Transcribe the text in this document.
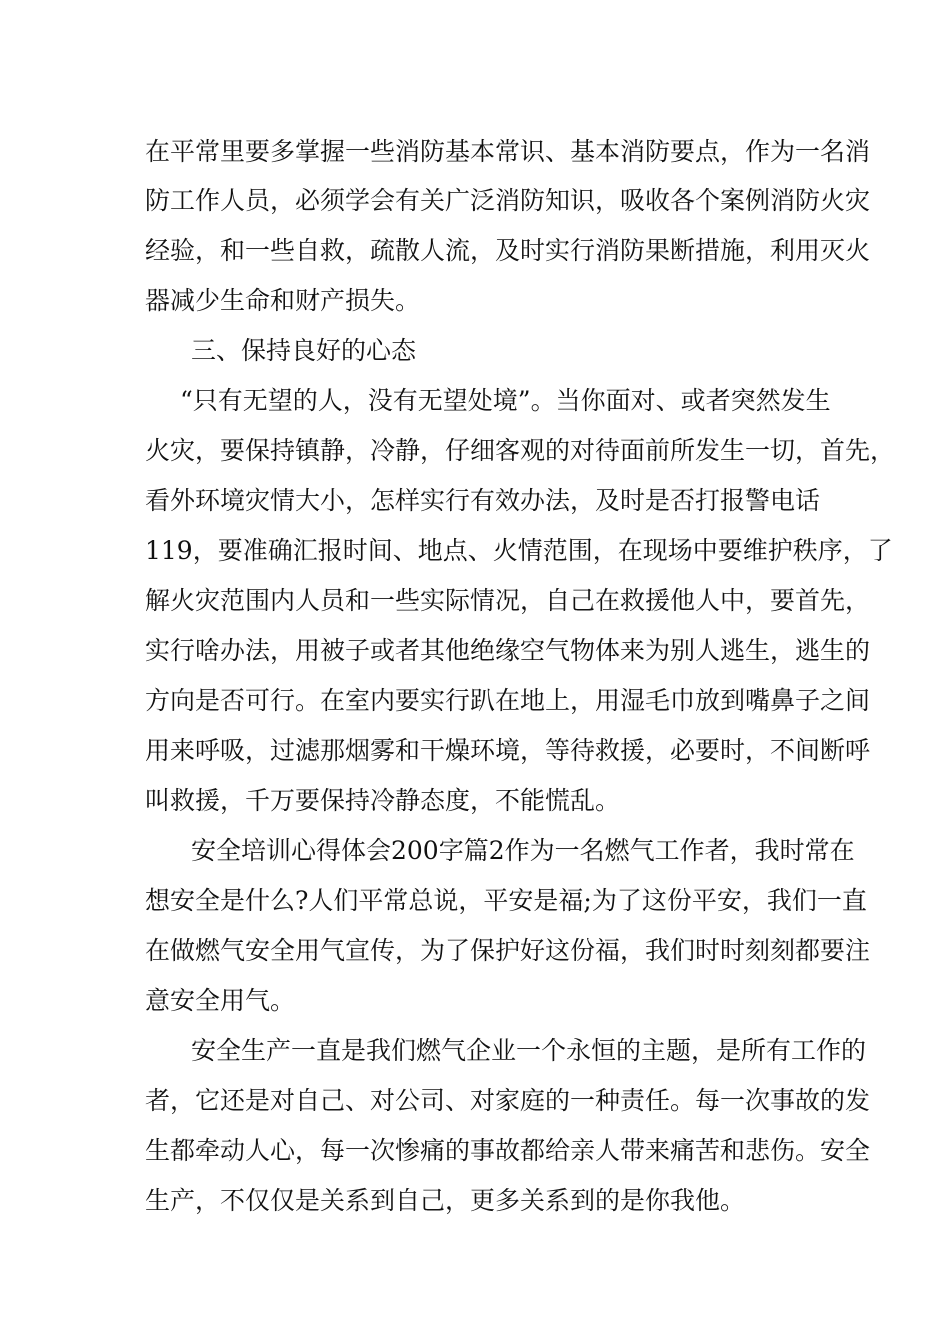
在平常里要多掌握一些消防基本常识、基本消防要点，作为一名消
防工作人员，必须学会有关广泛消防知识，吸收各个案例消防火灾
经验，和一些自救，疏散人流，及时实行消防果断措施，利用灭火
器减少生命和财产损失。
三、保持良好的心态
“只有无望的人，没有无望处境”。当你面对、或者突然发生
火灾，要保持镇静，冷静，仔细客观的对待面前所发生一切，首先，
看外环境灾情大小，怎样实行有效办法，及时是否打报警电话
119，要准确汇报时间、地点、火情范围，在现场中要维护秩序，了
解火灾范围内人员和一些实际情况，自己在救援他人中，要首先，
实行啥办法，用被子或者其他绝缘空气物体来为别人逃生，逃生的
方向是否可行。在室内要实行趴在地上，用湿毛巾放到嘴鼻子之间
用来呼吸，过滤那烟雾和干燥环境，等待救援，必要时，不间断呼
叫救援，千万要保持冷静态度，不能慌乱。
安全培训心得体会200字篇2作为一名燃气工作者，我时常在
想安全是什么?人们平常总说，平安是福;为了这份平安，我们一直
在做燃气安全用气宣传，为了保护好这份福，我们时时刻刻都要注
意安全用气。
安全生产一直是我们燃气企业一个永恒的主题，是所有工作的
者，它还是对自己、对公司、对家庭的一种责任。每一次事故的发
生都牵动人心，每一次惨痛的事故都给亲人带来痛苦和悲伤。安全
生产，不仅仅是关系到自己，更多关系到的是你我他。
